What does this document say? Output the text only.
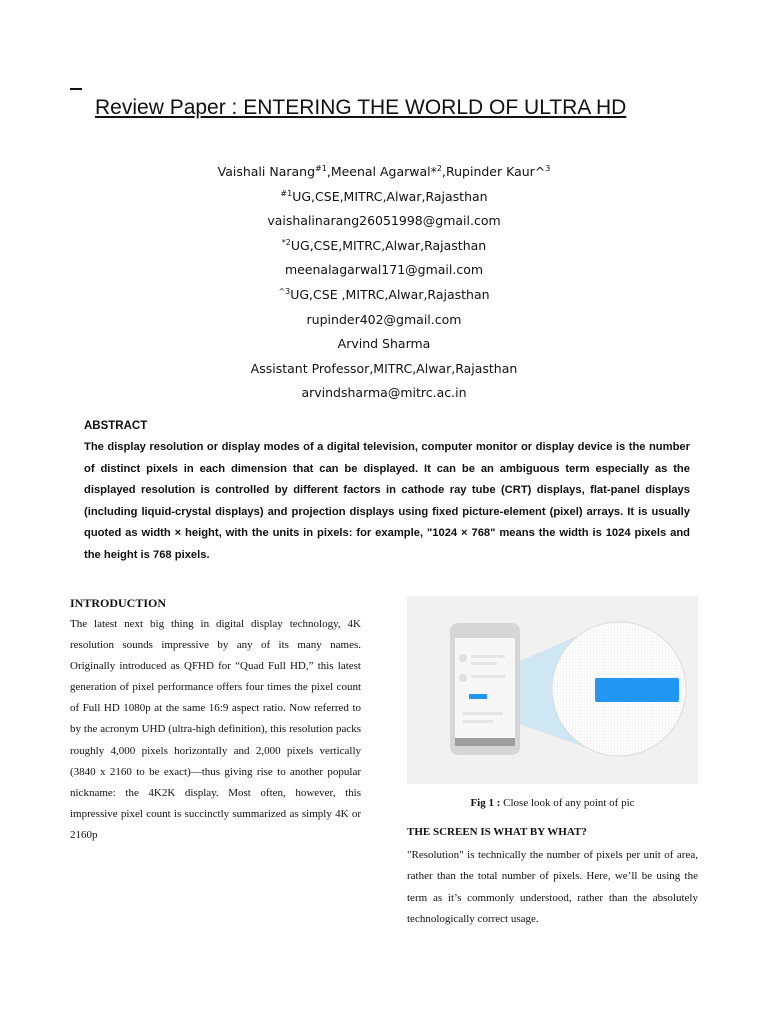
Review Paper : ENTERING THE WORLD OF ULTRA HD
Vaishali Narang$^{\#1}$,Meenal Agarwal*$^2$,Rupinder Kaur^$^3$
$^{\#1}$UG,CSE,MITRC,Alwar,Rajasthan
vaishalinarang26051998@gmail.com
$^{*2}$UG,CSE,MITRC,Alwar,Rajasthan
meenalagarwal171@gmail.com
$^{\^{}3}$UG,CSE ,MITRC,Alwar,Rajasthan
rupinder402@gmail.com
Arvind Sharma
Assistant Professor,MITRC,Alwar,Rajasthan
arvindsharma@mitrc.ac.in
ABSTRACT
The display resolution or display modes of a digital television, computer monitor or display device is the number of distinct pixels in each dimension that can be displayed. It can be an ambiguous term especially as the displayed resolution is controlled by different factors in cathode ray tube (CRT) displays, flat-panel displays (including liquid-crystal displays) and projection displays using fixed picture-element (pixel) arrays. It is usually quoted as width × height, with the units in pixels: for example, "1024 × 768" means the width is 1024 pixels and the height is 768 pixels.
INTRODUCTION
The latest next big thing in digital display technology, 4K resolution sounds impressive by any of its many names. Originally introduced as QFHD for “Quad Full HD,” this latest generation of pixel performance offers four times the pixel count of Full HD 1080p at the same 16:9 aspect ratio. Now referred to by the acronym UHD (ultra-high definition), this resolution packs roughly 4,000 pixels horizontally and 2,000 pixels vertically (3840 x 2160 to be exact)—thus giving rise to another popular nickname: the 4K2K display. Most often, however, this impressive pixel count is succinctly summarized as simply 4K or 2160p
Fig 1 : Close look of any point of pic
THE SCREEN IS WHAT BY WHAT?
"Resolution" is technically the number of pixels per unit of area, rather than the total number of pixels. Here, we’ll be using the term as it’s commonly understood, rather than the absolutely technologically correct usage.
